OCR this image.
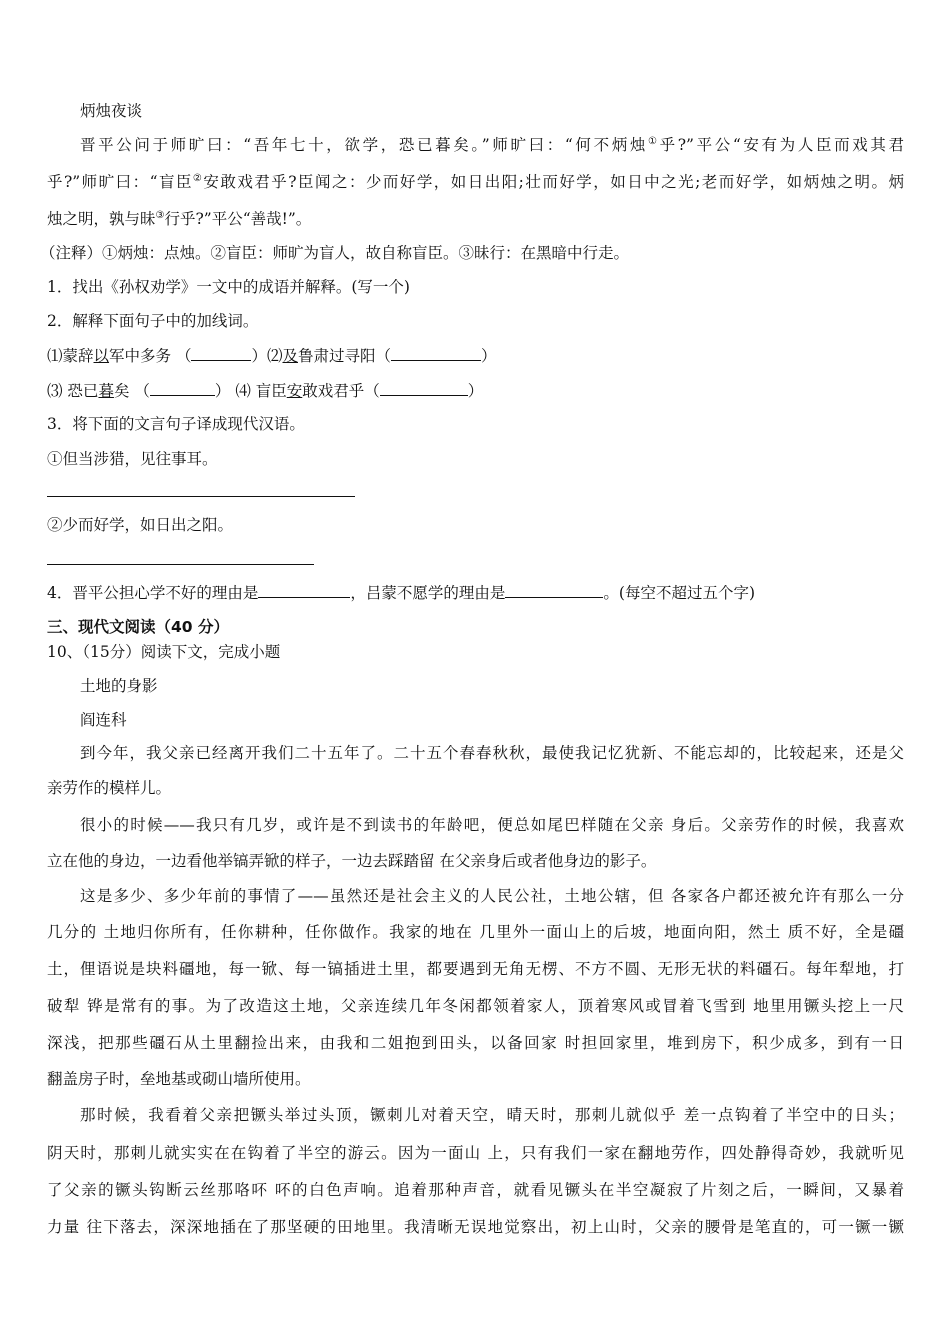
炳烛夜谈
晋平公问于师旷曰：“吾年七十，欲学，恐已暮矣。”师旷曰：“何不炳烛①乎?”平公“安有为人臣而戏其君
乎?”师旷曰：“盲臣②安敢戏君乎?臣闻之：少而好学，如日出阳;壮而好学，如日中之光;老而好学，如炳烛之明。炳
烛之明，孰与昧③行乎?”平公“善哉!”。
（注释）①炳烛：点烛。②盲臣：师旷为盲人，故自称盲臣。③昧行：在黑暗中行走。
1．找出《孙权劝学》一文中的成语并解释。(写一个)
2．解释下面句子中的加线词。
⑴蒙辞以军中多务 （	）⑵及鲁肃过寻阳（	）
⑶ 恐已暮矣 （	） ⑷ 盲臣安敢戏君乎（	）
3．将下面的文言句子译成现代汉语。
①但当涉猎，见往事耳。
②少而好学，如日出之阳。
4．晋平公担心学不好的理由是	，吕蒙不愿学的理由是	。(每空不超过五个字)
三、现代文阅读（40 分）
10、（15分）阅读下文，完成小题
土地的身影
阎连科
到今年，我父亲已经离开我们二十五年了。二十五个春春秋秋，最使我记忆犹新、不能忘却的，比较起来，还是父
亲劳作的模样儿。
很小的时候——我只有几岁，或许是不到读书的年龄吧，便总如尾巴样随在父亲 身后。父亲劳作的时候，我喜欢
立在他的身边，一边看他举镐弄锨的样子，一边去踩踏留 在父亲身后或者他身边的影子。
这是多少、多少年前的事情了——虽然还是社会主义的人民公社，土地公辖，但 各家各户都还被允许有那么一分
几分的 土地归你所有，任你耕种，任你做作。我家的地在 几里外一面山上的后坡，地面向阳，然土 质不好，全是礓
土，俚语说是块料礓地，每一锨、每一镐插进土里，都要遇到无角无楞、不方不圆、无形无状的料礓石。每年犁地，打
破犁 铧是常有的事。为了改造这土地，父亲连续几年冬闲都领着家人，顶着寒风或冒着飞雪到 地里用镢头挖上一尺
深浅，把那些礓石从土里翻捡出来，由我和二姐抱到田头，以备回家 时担回家里，堆到房下，积少成多，到有一日
翻盖房子时，垒地基或砌山墙所使用。
那时候，我看着父亲把镢头举过头顶，镢刺儿对着天空，晴天时，那刺儿就似乎 差一点钩着了半空中的日头；
阴天时，那刺儿就实实在在钩着了半空的游云。因为一面山 上，只有我们一家在翻地劳作，四处静得奇妙，我就听见
了父亲的镢头钩断云丝那咯吥 吥的白色声响。追着那种声音，就看见镢头在半空凝寂了片刻之后，一瞬间，又暴着
力量 往下落去，深深地插在了那坚硬的田地里。我清晰无误地觉察出，初上山时，父亲的腰骨是笔直的，可一镢一镢
